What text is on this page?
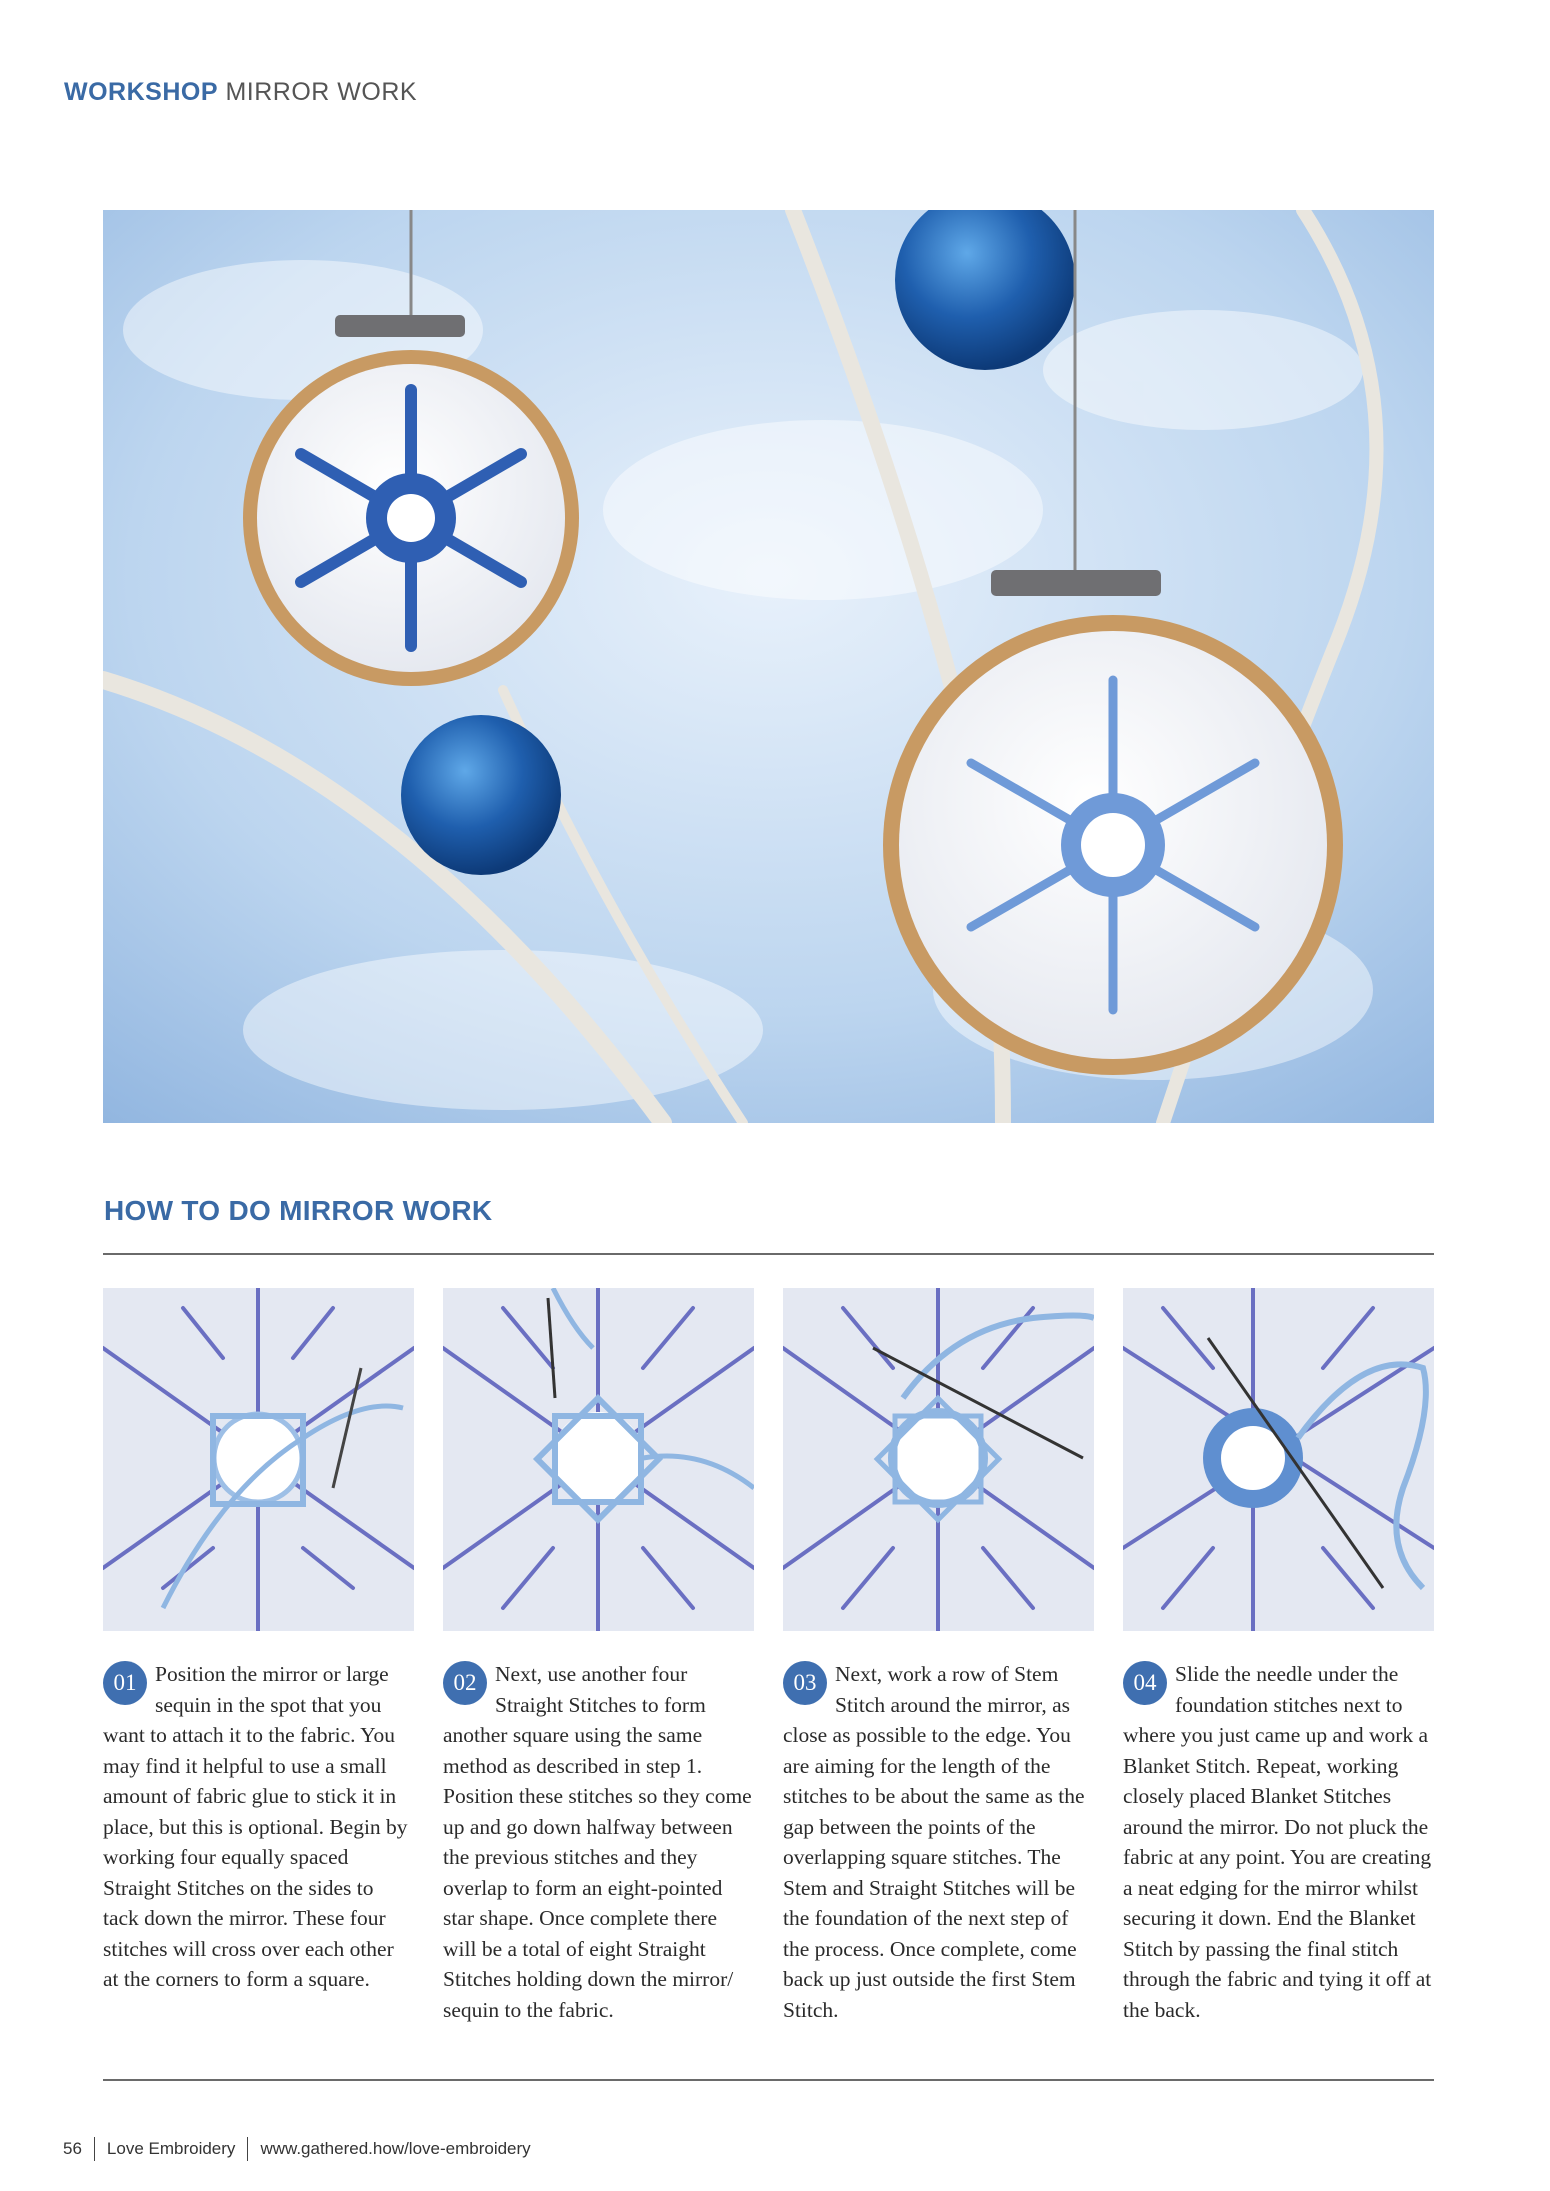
WORKSHOP MIRROR WORK
HOW TO DO MIRROR WORK
01 Position the mirror or large sequin in the spot that you want to attach it to the fabric. You may find it helpful to use a small amount of fabric glue to stick it in place, but this is optional. Begin by working four equally spaced Straight Stitches on the sides to tack down the mirror. These four stitches will cross over each other at the corners to form a square.
02 Next, use another four Straight Stitches to form another square using the same method as described in step 1. Position these stitches so they come up and go down halfway between the previous stitches and they overlap to form an eight-pointed star shape. Once complete there will be a total of eight Straight Stitches holding down the mirror/ sequin to the fabric.
03 Next, work a row of Stem Stitch around the mirror, as close as possible to the edge. You are aiming for the length of the stitches to be about the same as the gap between the points of the overlapping square stitches. The Stem and Straight Stitches will be the foundation of the next step of the process. Once complete, come back up just outside the first Stem Stitch.
04 Slide the needle under the foundation stitches next to where you just came up and work a Blanket Stitch. Repeat, working closely placed Blanket Stitches around the mirror. Do not pluck the fabric at any point. You are creating a neat edging for the mirror whilst securing it down. End the Blanket Stitch by passing the final stitch through the fabric and tying it off at the back.
56 Love Embroidery www.gathered.how/love-embroidery
